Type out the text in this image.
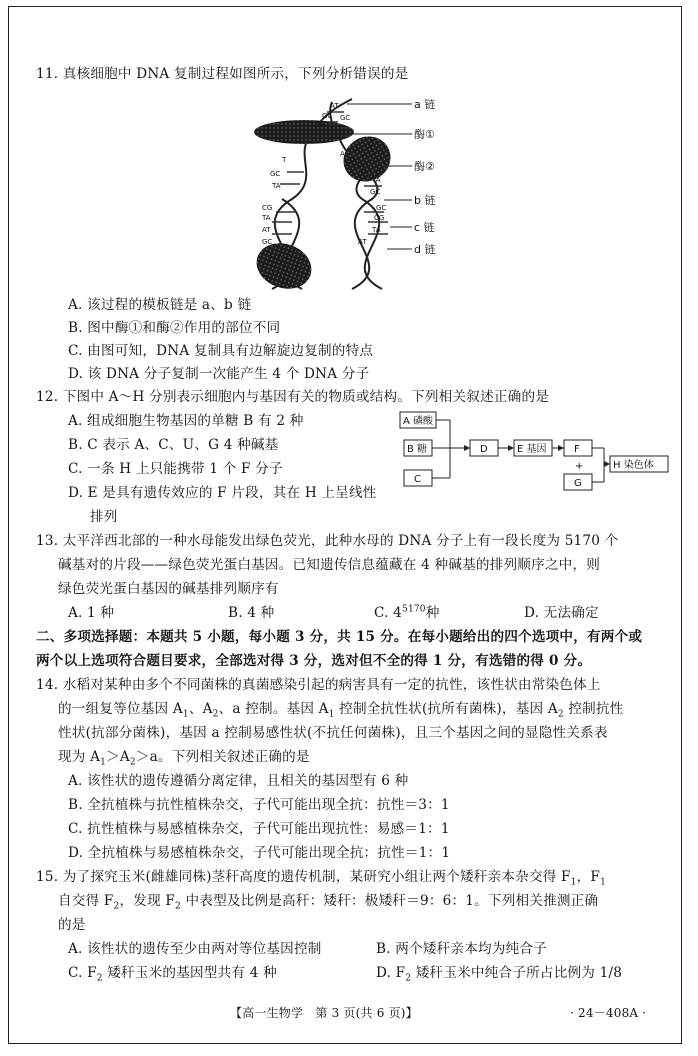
11. 真核细胞中 DNA 复制过程如图所示，下列分析错误的是
AT
GC
TA
GC
T
A
GC
TA
TA
GC
CG
TA
AT
GC
CG
TA
AT
GC
a 链
酶①
酶②
b 链
c 链
d 链
A. 该过程的模板链是 a、b 链
B. 图中酶①和酶②作用的部位不同
C. 由图可知，DNA 复制具有边解旋边复制的特点
D. 该 DNA 分子复制一次能产生 4 个 DNA 分子
12. 下图中 A～H 分别表示细胞内与基因有关的物质或结构。下列相关叙述正确的是
A. 组成细胞生物基因的单糖 B 有 2 种
B. C 表示 A、C、U、G 4 种碱基
C. 一条 H 上只能携带 1 个 F 分子
D. E 是具有遗传效应的 F 片段，其在 H 上呈线性
排列
A 磷酸
B 糖
C
D	E 基因	F
+
G
H 染色体
13. 太平洋西北部的一种水母能发出绿色荧光，此种水母的 DNA 分子上有一段长度为 5170 个
碱基对的片段——绿色荧光蛋白基因。已知遗传信息蕴藏在 4 种碱基的排列顺序之中，则
绿色荧光蛋白基因的碱基排列顺序有
A. 1 种	B. 4 种	C. $4^{5170}$种	D. 无法确定
二、多项选择题：本题共 5 小题，每小题 3 分，共 15 分。在每小题给出的四个选项中，有两个或
两个以上选项符合题目要求，全部选对得 3 分，选对但不全的得 1 分，有选错的得 0 分。
14. 水稻对某种由多个不同菌株的真菌感染引起的病害具有一定的抗性，该性状由常染色体上
的一组复等位基因 $A_1$、$A_2$、a 控制。基因 $A_1$ 控制全抗性状(抗所有菌株)，基因 $A_2$ 控制抗性
性状(抗部分菌株)，基因 a 控制易感性状(不抗任何菌株)，且三个基因之间的显隐性关系表
现为 $A_1>A_2>a$。下列相关叙述正确的是
A. 该性状的遗传遵循分离定律，且相关的基因型有 6 种
B. 全抗植株与抗性植株杂交，子代可能出现全抗：抗性＝3：1
C. 抗性植株与易感植株杂交，子代可能出现抗性：易感＝1：1
D. 全抗植株与易感植株杂交，子代可能出现全抗：抗性＝1：1
15. 为了探究玉米(雌雄同株)茎秆高度的遗传机制，某研究小组让两个矮秆亲本杂交得 $F_1$，$F_1$
自交得 $F_2$，发现 $F_2$ 中表型及比例是高秆：矮秆：极矮秆＝9：6：1。下列相关推测正确
的是
A. 该性状的遗传至少由两对等位基因控制	B. 两个矮秆亲本均为纯合子
C. $F_2$ 矮秆玉米的基因型共有 4 种	D. $F_2$ 矮秆玉米中纯合子所占比例为 1/8
【高一生物学　第 3 页(共 6 页)】	· 24－408A ·
